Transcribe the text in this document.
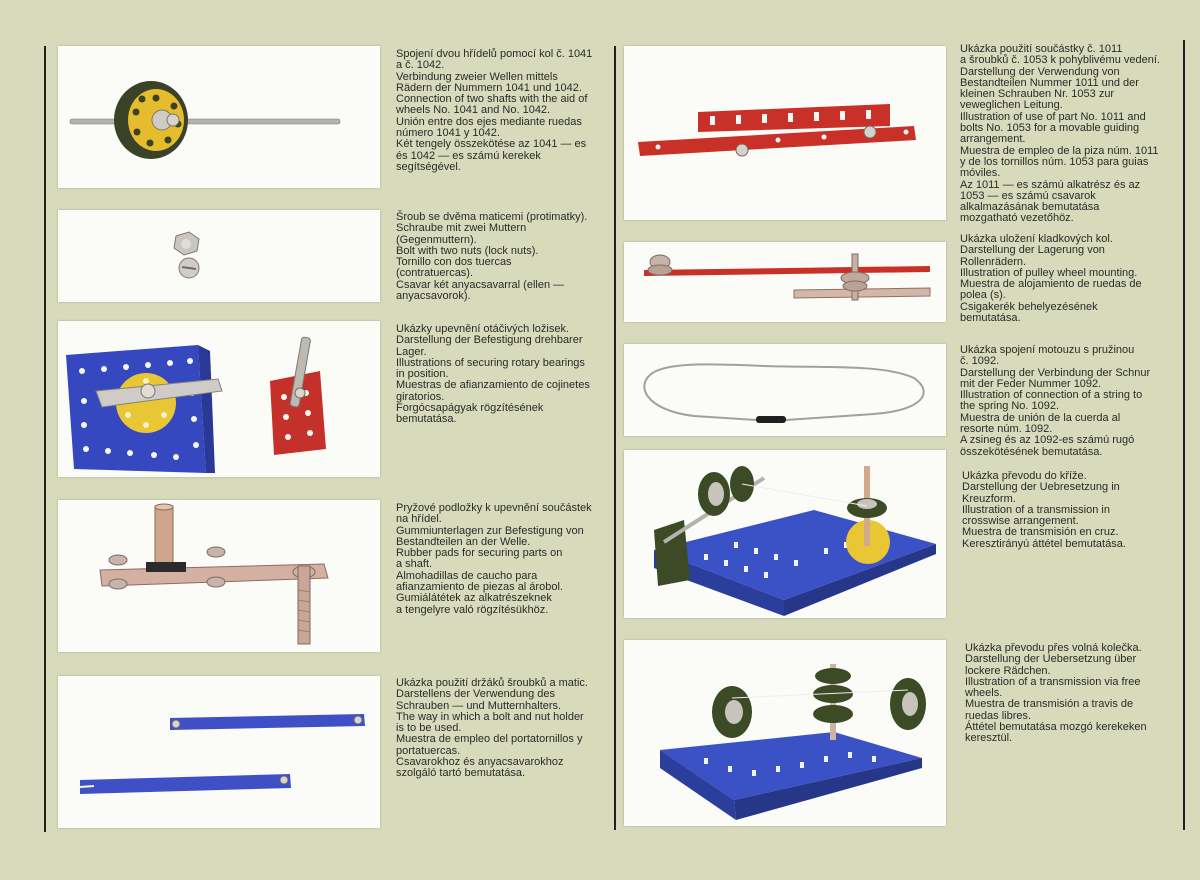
Spojení dvou hřídelů pomocí kol č. 1041
a č. 1042.
Verbindung zweier Wellen mittels
Rädern der Nummern 1041 und 1042.
Connection of two shafts with the aid of
wheels No. 1041 and No. 1042.
Unión entre dos ejes mediante ruedas
número 1041 y 1042.
Két tengely összekötése az 1041 — es
és 1042 — es számú kerekek
segítségével.
Šroub se dvěma maticemi (protimatky).
Schraube mit zwei Muttern
(Gegenmuttern).
Bolt with two nuts (lock nuts).
Tornillo con dos tuercas
(contratuercas).
Csavar két anyacsavarral (ellen —
anyacsavorok).
Ukázky upevnění otáčivých ložisek.
Darstellung der Befestigung drehbarer
Lager.
Illustrations of securing rotary bearings
in position.
Muestras de afianzamiento de cojinetes
giratorios.
Forgócsapágyak rögzítésének
bemutatása.
Pryžové podložky k upevnění součástek
na hřídel.
Gummiunterlagen zur Befestigung von
Bestandteilen an der Welle.
Rubber pads for securing parts on
a shaft.
Almohadillas de caucho para
afianzamiento de piezas al árobol.
Gumiálátétek az alkatrészeknek
a tengelyre való rögzítésükhöz.
Ukázka použití držáků šroubků a matic.
Darstellens der Verwendung des
Schrauben — und Mutternhalters.
The way in which a bolt and nut holder
is to be used.
Muestra de empleo del portatornillos y
portatuercas.
Csavarokhoz és anyacsavarokhoz
szolgáló tartó bemutatása.
Ukázka použití součástky č. 1011
a šroubků č. 1053 k pohyblivému vedení.
Darstellung der Verwendung von
Bestandteilen Nummer 1011 und der
kleinen Schrauben Nr. 1053 zur
veweglichen Leitung.
Illustration of use of part No. 1011 and
bolts No. 1053 for a movable guiding
arrangement.
Muestra de empleo de la piza núm. 1011
y de los tornillos núm. 1053 para guias
móviles.
Az 1011 — es számú alkatrész és az
1053 — es számú csavarok
alkalmazásának bemutatása
mozgatható vezetőhöz.
Ukázka uložení kladkových kol.
Darstellung der Lagerung von
Rollenrädern.
Illustration of pulley wheel mounting.
Muestra de alojamiento de ruedas de
polea (s).
Csigakerék behelyezésének
bemutatása.
Ukázka spojení motouzu s pružinou
č. 1092.
Darstellung der Verbindung der Schnur
mit der Feder Nummer 1092.
Illustration of connection of a string to
the spring No. 1092.
Muestra de unión de la cuerda al
resorte núm. 1092.
A zsineg és az 1092-es számú rugó
összekötésének bemutatása.
Ukázka převodu do kříže.
Darstellung der Uebresetzung in
Kreuzform.
Illustration of a transmission in
crosswise arrangement.
Muestra de transmisión en cruz.
Keresztirányú áttétel bemutatása.
Ukázka převodu přes volná kolečka.
Darstellung der Uebersetzung über
lockere Rädchen.
Illustration of a transmission via free
wheels.
Muestra de transmisión a travis de
ruedas libres.
Áttétel bemutatása mozgó kerekeken
keresztül.
